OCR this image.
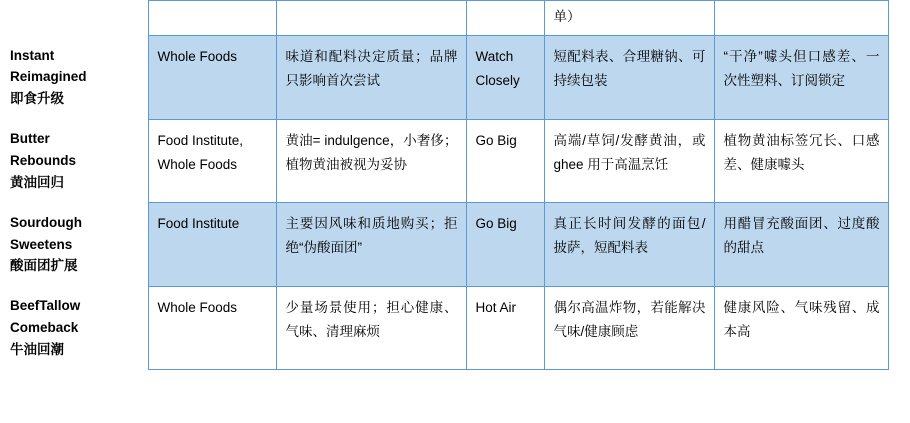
				单）	

Instant
Reimagined
即食升级	Whole Foods	味道和配料决定质量；品牌只影响首次尝试	Watch Closely	短配料表、合理糖钠、可持续包装	“干净”噱头但口感差、一次性塑料、订阅锁定

Butter
Rebounds
黄油回归	Food Institute, Whole Foods	黄油= indulgence，小奢侈；植物黄油被视为妥协	Go Big	高端/草饲/发酵黄油，或 ghee 用于高温烹饪	植物黄油标签冗长、口感差、健康噱头

Sourdough
Sweetens
酸面团扩展	Food Institute	主要因风味和质地购买；拒绝“伪酸面团”	Go Big	真正长时间发酵的面包/披萨，短配料表	用醋冒充酸面团、过度酸的甜点

BeefTallow
Comeback
牛油回潮	Whole Foods	少量场景使用；担心健康、气味、清理麻烦	Hot Air	偶尔高温炸物，若能解决气味/健康顾虑	健康风险、气味残留、成本高
